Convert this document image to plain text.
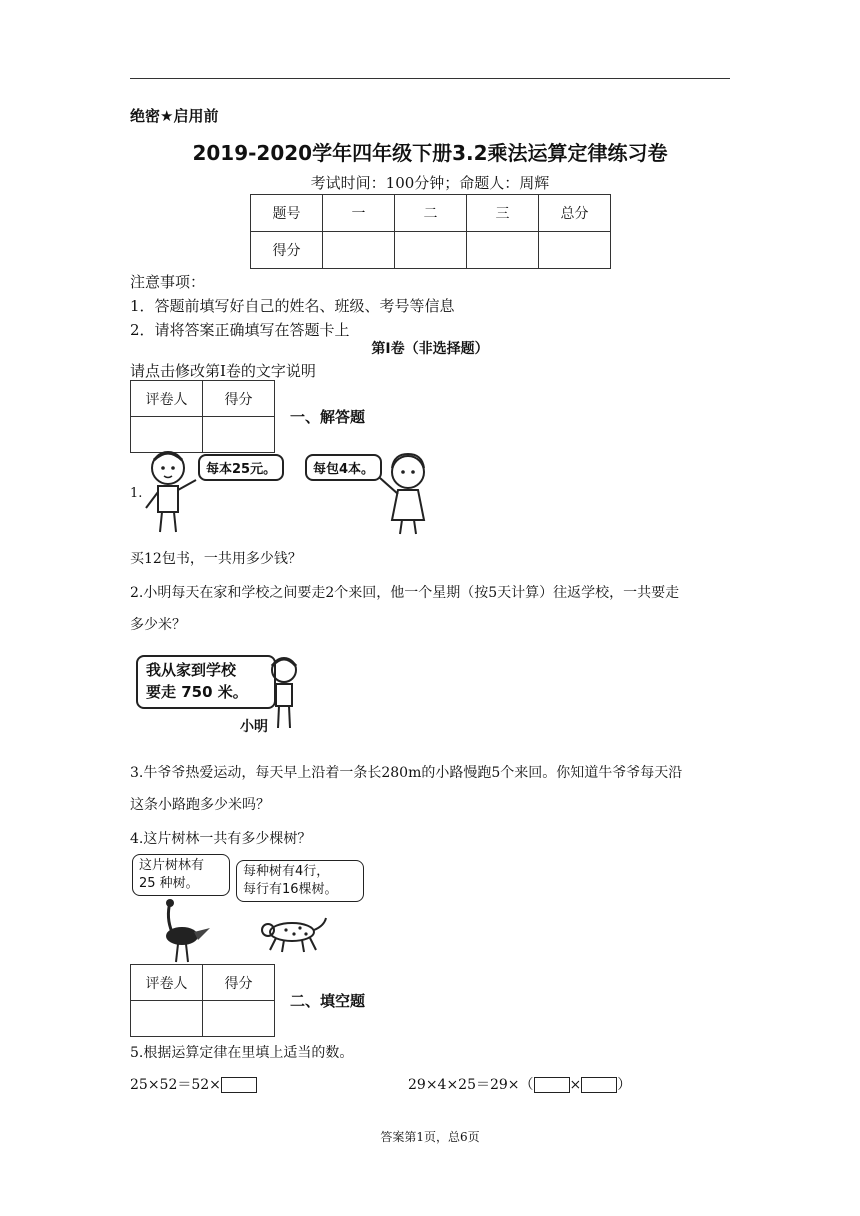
绝密★启用前
2019-2020学年四年级下册3.2乘法运算定律练习卷
考试时间：100分钟；命题人：周辉
题号	一	二	三	总分
得分				
注意事项：
1．答题前填写好自己的姓名、班级、考号等信息
2．请将答案正确填写在答题卡上
第I卷（非选择题）
请点击修改第I卷的文字说明
评卷人	得分

一、解答题
1.
每本25元。	每包4本。
买12包书，一共用多少钱？
2.小明每天在家和学校之间要走2个来回，他一个星期（按5天计算）往返学校，一共要走
多少米？
我从家到学校
要走 750 米。
小明
3.牛爷爷热爱运动，每天早上沿着一条长280m的小路慢跑5个来回。你知道牛爷爷每天沿
这条小路跑多少米吗？
4.这片树林一共有多少棵树？
这片树林有
25 种树。
每种树有4行，
每行有16棵树。
评卷人	得分

二、填空题
5.根据运算定律在里填上适当的数。
25×52＝52×	29×4×25＝29×（	×	）
答案第1页，总6页
